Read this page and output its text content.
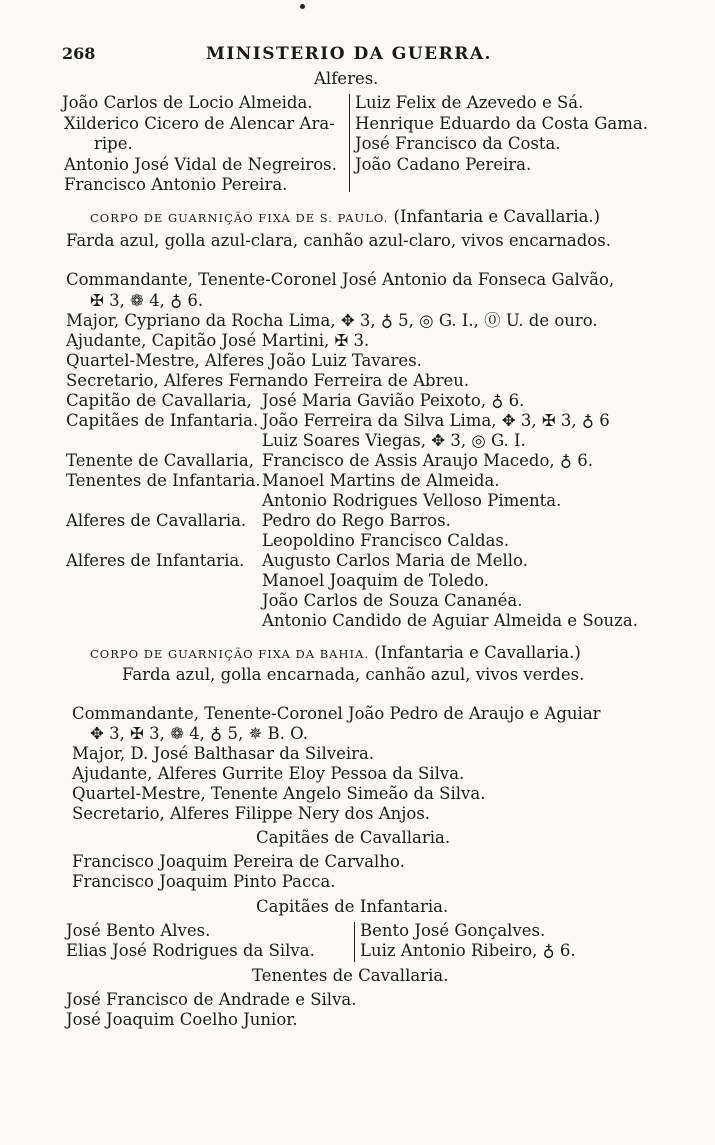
268	MINISTERIO DA GUERRA.
Alferes.
João Carlos de Locio Almeida.
Xilderico Cicero de Alencar Ara-
ripe.
Antonio José Vidal de Negreiros.
Francisco Antonio Pereira.
Luiz Felix de Azevedo e Sá.
Henrique Eduardo da Costa Gama.
José Francisco da Costa.
João Cadano Pereira.
CORPO DE GUARNIÇÃO FIXA DE S. PAULO. (Infantaria e Cavallaria.)
Farda azul, golla azul-clara, canhão azul-claro, vivos encarnados.
Commandante, Tenente-Coronel José Antonio da Fonseca Galvão,
✠ 3, ❁ 4, ♁ 6.
Major, Cypriano da Rocha Lima, ✥ 3, ♁ 5, ◎ G. I., ⓪ U. de ouro.
Ajudante, Capitão José Martini, ✠ 3.
Quartel-Mestre, Alferes João Luiz Tavares.
Secretario, Alferes Fernando Ferreira de Abreu.
Capitão de Cavallaria, José Maria Gavião Peixoto, ♁ 6.
Capitães de Infantaria. João Ferreira da Silva Lima, ✥ 3, ✠ 3, ♁ 6
Luiz Soares Viegas, ✥ 3, ◎ G. I.
Tenente de Cavallaria, Francisco de Assis Araujo Macedo, ♁ 6.
Tenentes de Infantaria. Manoel Martins de Almeida.
Antonio Rodrigues Velloso Pimenta.
Alferes de Cavallaria. Pedro do Rego Barros.
Leopoldino Francisco Caldas.
Alferes de Infantaria. Augusto Carlos Maria de Mello.
Manoel Joaquim de Toledo.
João Carlos de Souza Cananéa.
Antonio Candido de Aguiar Almeida e Souza.
CORPO DE GUARNIÇÃO FIXA DA BAHIA. (Infantaria e Cavallaria.)
Farda azul, golla encarnada, canhão azul, vivos verdes.
Commandante, Tenente-Coronel João Pedro de Araujo e Aguiar
✥ 3, ✠ 3, ❁ 4, ♁ 5, ✵ B. O.
Major, D. José Balthasar da Silveira.
Ajudante, Alferes Gurrite Eloy Pessoa da Silva.
Quartel-Mestre, Tenente Angelo Simeão da Silva.
Secretario, Alferes Filippe Nery dos Anjos.
Capitães de Cavallaria.
Francisco Joaquim Pereira de Carvalho.
Francisco Joaquim Pinto Pacca.
Capitães de Infantaria.
José Bento Alves.
Elias José Rodrigues da Silva.
Bento José Gonçalves.
Luiz Antonio Ribeiro, ♁ 6.
Tenentes de Cavallaria.
José Francisco de Andrade e Silva.
José Joaquim Coelho Junior.
